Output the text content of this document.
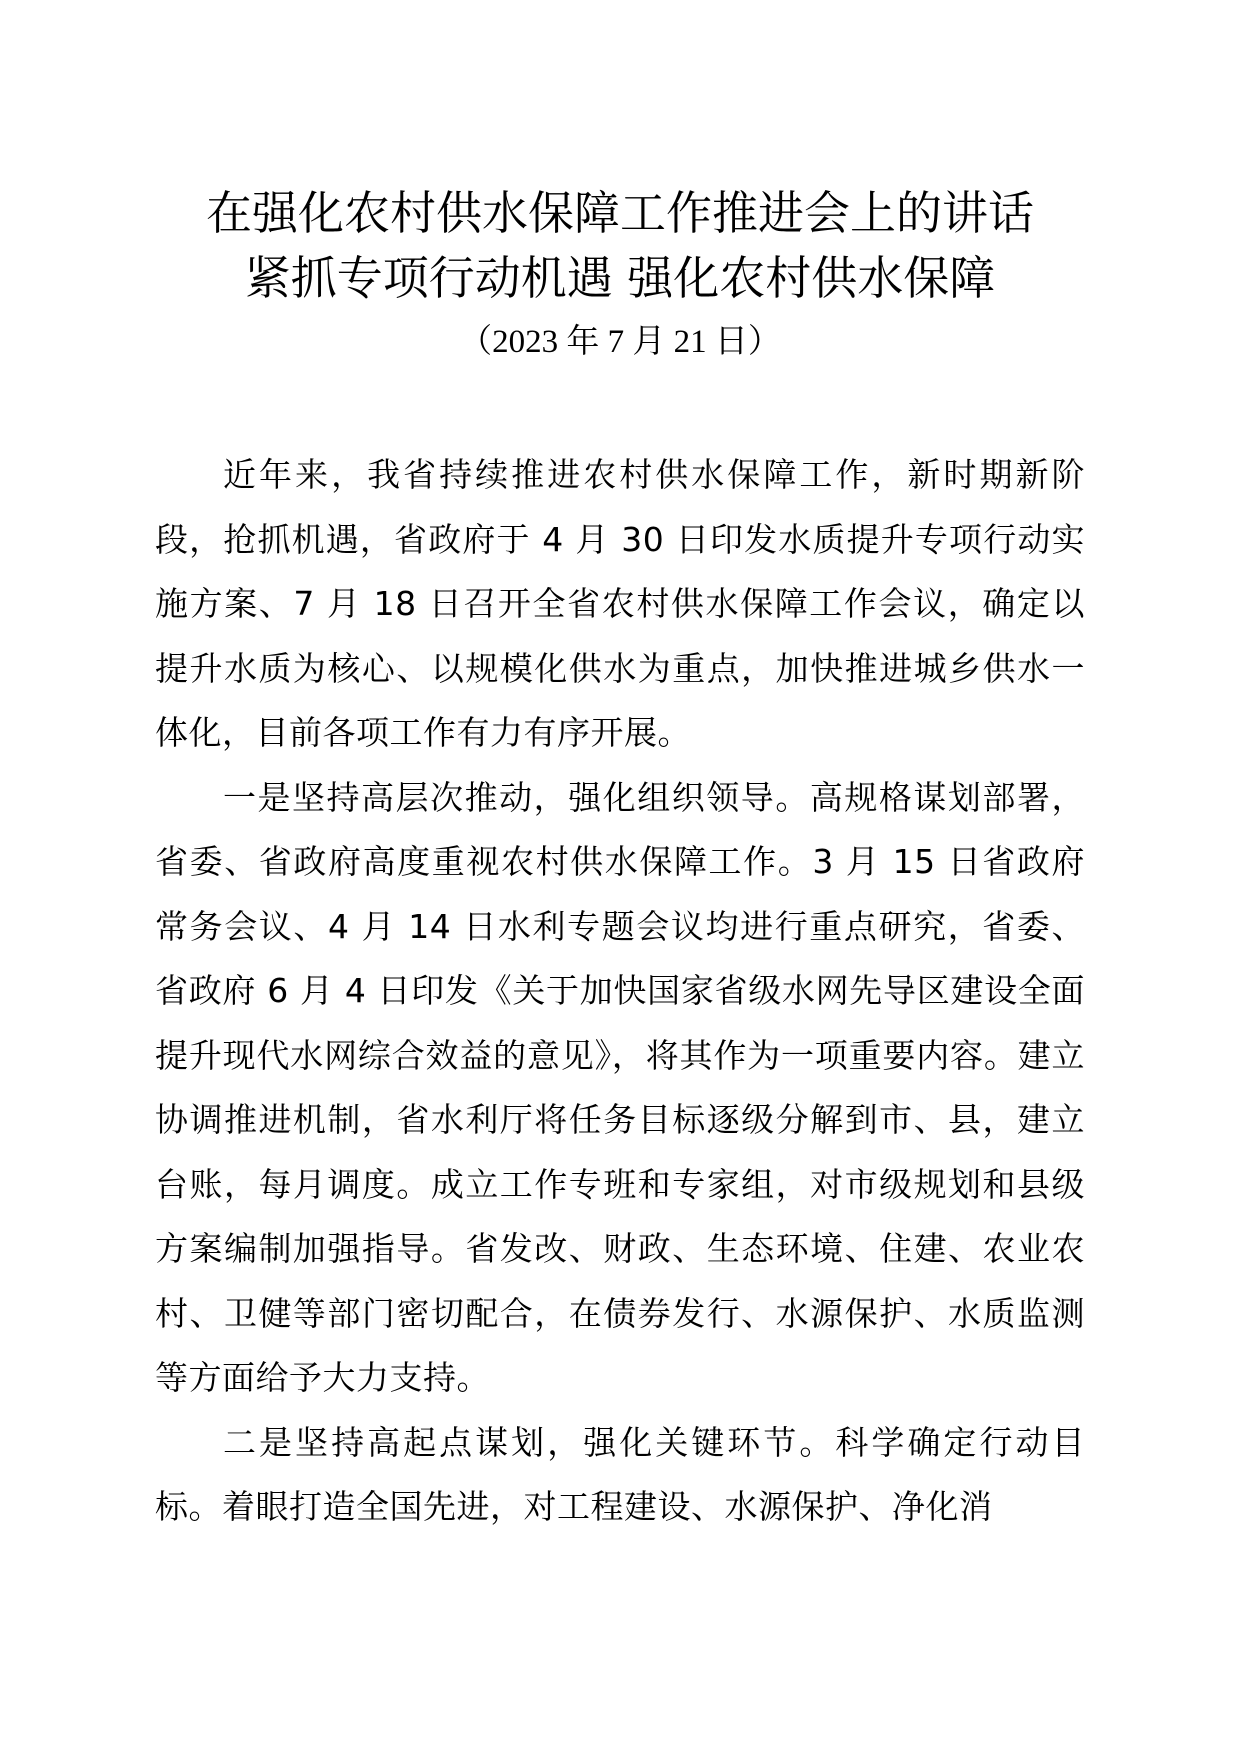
在强化农村供水保障工作推进会上的讲话
紧抓专项行动机遇 强化农村供水保障
（2023 年 7 月 21 日）

近年来，我省持续推进农村供水保障工作，新时期新阶段，抢抓机遇，省政府于 4 月 30 日印发水质提升专项行动实施方案、7 月 18 日召开全省农村供水保障工作会议，确定以提升水质为核心、以规模化供水为重点，加快推进城乡供水一体化，目前各项工作有力有序开展。

一是坚持高层次推动，强化组织领导。高规格谋划部署，省委、省政府高度重视农村供水保障工作。3 月 15 日省政府常务会议、4 月 14 日水利专题会议均进行重点研究，省委、省政府 6 月 4 日印发《关于加快国家省级水网先导区建设全面提升现代水网综合效益的意见》，将其作为一项重要内容。建立协调推进机制，省水利厅将任务目标逐级分解到市、县，建立台账，每月调度。成立工作专班和专家组，对市级规划和县级方案编制加强指导。省发改、财政、生态环境、住建、农业农村、卫健等部门密切配合，在债券发行、水源保护、水质监测等方面给予大力支持。

二是坚持高起点谋划，强化关键环节。科学确定行动目标。着眼打造全国先进，对工程建设、水源保护、净化消
